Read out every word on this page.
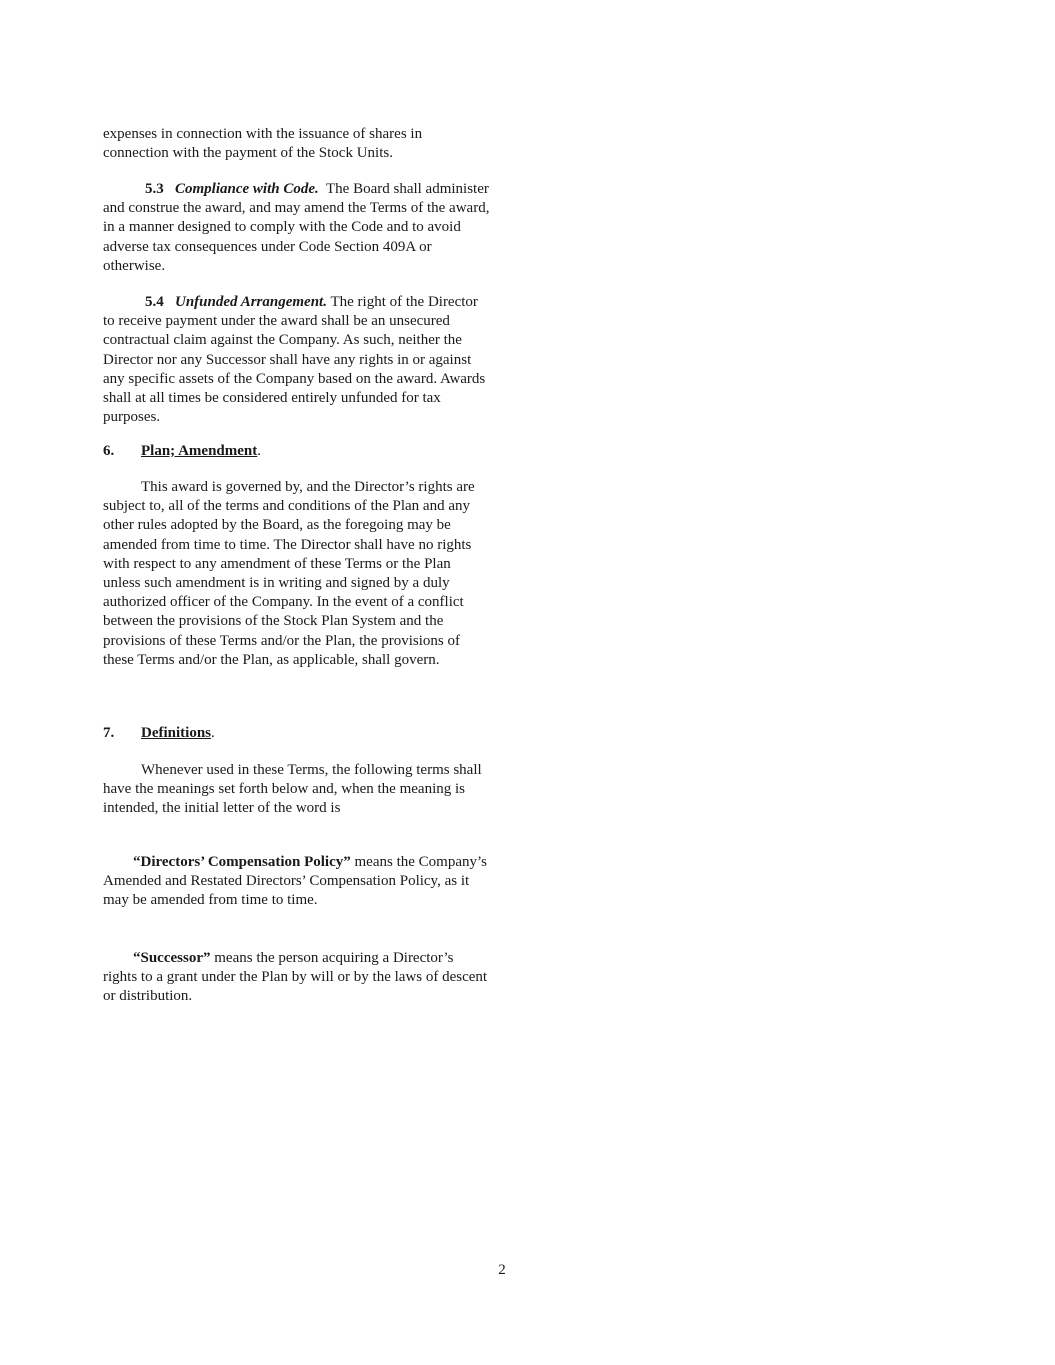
expenses in connection with the issuance of shares in connection with the payment of the Stock Units.

5.3 Compliance with Code. The Board shall administer and construe the award, and may amend the Terms of the award, in a manner designed to comply with the Code and to avoid adverse tax consequences under Code Section 409A or otherwise.

5.4 Unfunded Arrangement. The right of the Director to receive payment under the award shall be an unsecured contractual claim against the Company. As such, neither the Director nor any Successor shall have any rights in or against any specific assets of the Company based on the award. Awards shall at all times be considered entirely unfunded for tax purposes.

6. Plan; Amendment.

This award is governed by, and the Director’s rights are subject to, all of the terms and conditions of the Plan and any other rules adopted by the Board, as the foregoing may be amended from time to time. The Director shall have no rights with respect to any amendment of these Terms or the Plan unless such amendment is in writing and signed by a duly authorized officer of the Company. In the event of a conflict between the provisions of the Stock Plan System and the provisions of these Terms and/or the Plan, the provisions of these Terms and/or the Plan, as applicable, shall govern.

7. Definitions.

Whenever used in these Terms, the following terms shall have the meanings set forth below and, when the meaning is intended, the initial letter of the word is

“Directors’ Compensation Policy” means the Company’s Amended and Restated Directors’ Compensation Policy, as it may be amended from time to time.

“Successor” means the person acquiring a Director’s rights to a grant under the Plan by will or by the laws of descent or distribution.

2
